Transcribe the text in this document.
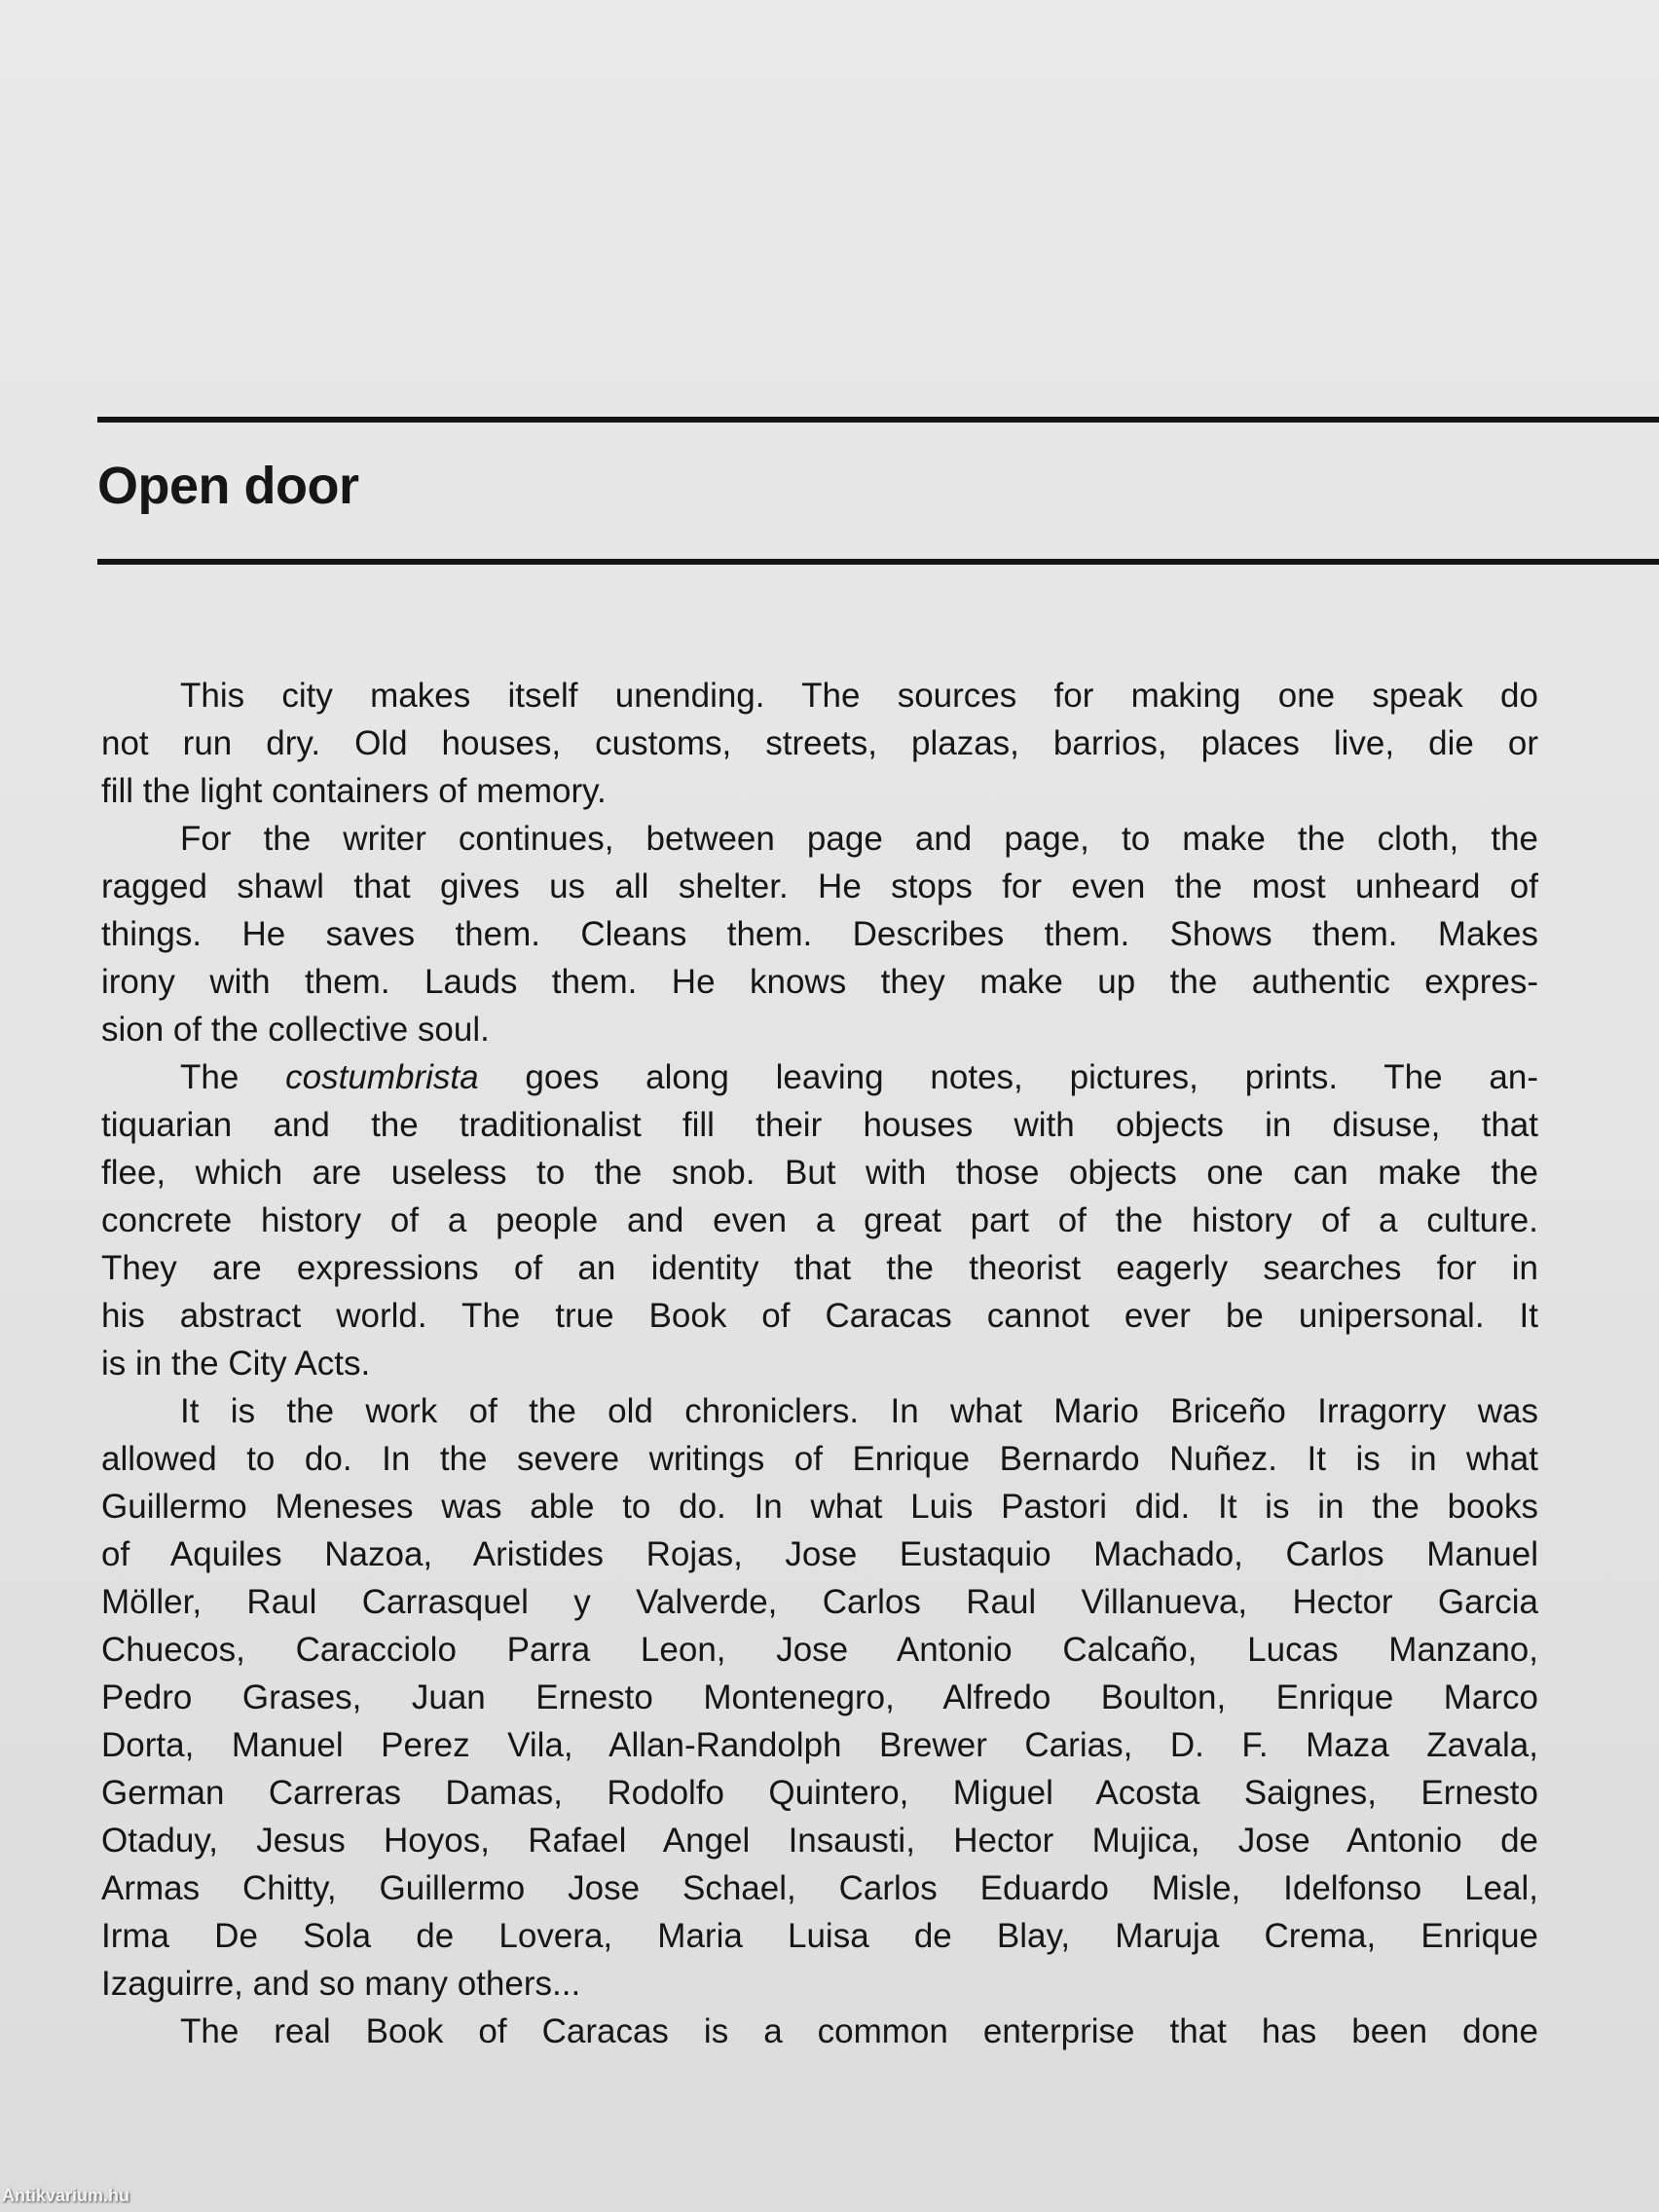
Open door
This city makes itself unending. The sources for making one speak do
not run dry. Old houses, customs, streets, plazas, barrios, places live, die or
fill the light containers of memory.
For the writer continues, between page and page, to make the cloth, the
ragged shawl that gives us all shelter. He stops for even the most unheard of
things. He saves them. Cleans them. Describes them. Shows them. Makes
irony with them. Lauds them. He knows they make up the authentic expres-
sion of the collective soul.
The costumbrista goes along leaving notes, pictures, prints. The an-
tiquarian and the traditionalist fill their houses with objects in disuse, that
flee, which are useless to the snob. But with those objects one can make the
concrete history of a people and even a great part of the history of a culture.
They are expressions of an identity that the theorist eagerly searches for in
his abstract world. The true Book of Caracas cannot ever be unipersonal. It
is in the City Acts.
It is the work of the old chroniclers. In what Mario Briceño Irragorry was
allowed to do. In the severe writings of Enrique Bernardo Nuñez. It is in what
Guillermo Meneses was able to do. In what Luis Pastori did. It is in the books
of Aquiles Nazoa, Aristides Rojas, Jose Eustaquio Machado, Carlos Manuel
Möller, Raul Carrasquel y Valverde, Carlos Raul Villanueva, Hector Garcia
Chuecos, Caracciolo Parra Leon, Jose Antonio Calcaño, Lucas Manzano,
Pedro Grases, Juan Ernesto Montenegro, Alfredo Boulton, Enrique Marco
Dorta, Manuel Perez Vila, Allan-Randolph Brewer Carias, D. F. Maza Zavala,
German Carreras Damas, Rodolfo Quintero, Miguel Acosta Saignes, Ernesto
Otaduy, Jesus Hoyos, Rafael Angel Insausti, Hector Mujica, Jose Antonio de
Armas Chitty, Guillermo Jose Schael, Carlos Eduardo Misle, Idelfonso Leal,
Irma De Sola de Lovera, Maria Luisa de Blay, Maruja Crema, Enrique
Izaguirre, and so many others...
The real Book of Caracas is a common enterprise that has been done
Antikvarium.hu
